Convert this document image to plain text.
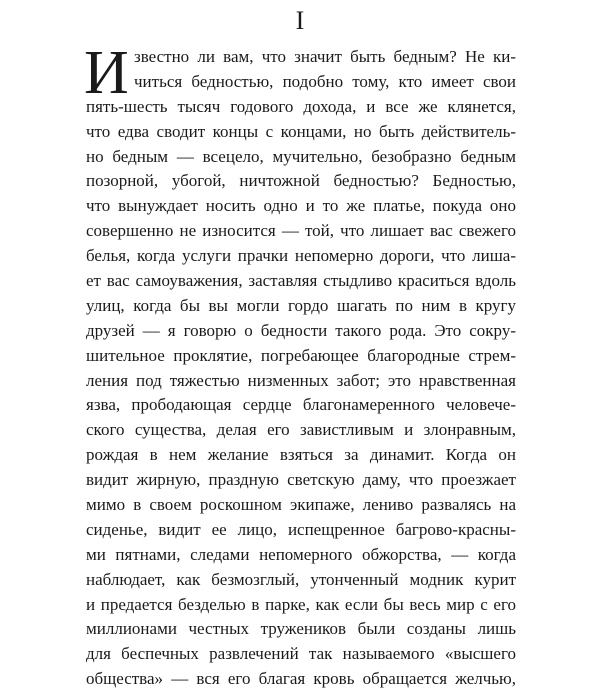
I
И звестно ли вам, что значит быть бедным? Не ки-
читься бедностью, подобно тому, кто имеет свои
пять-шесть тысяч годового дохода, и все же клянется,
что едва сводит концы с концами, но быть действитель-
но бедным — всецело, мучительно, безобразно бедным
позорной, убогой, ничтожной бедностью? Бедностью,
что вынуждает носить одно и то же платье, покуда оно
совершенно не износится — той, что лишает вас свежего
белья, когда услуги прачки непомерно дороги, что лиша-
ет вас самоуважения, заставляя стыдливо краситься вдоль
улиц, когда бы вы могли гордо шагать по ним в кругу
друзей — я говорю о бедности такого рода. Это сокру-
шительное проклятие, погребающее благородные стрем-
ления под тяжестью низменных забот; это нравственная
язва, прободающая сердце благонамеренного человече-
ского существа, делая его завистливым и злонравным,
рождая в нем желание взяться за динамит. Когда он
видит жирную, праздную светскую даму, что проезжает
мимо в своем роскошном экипаже, лениво развалясь на
сиденье, видит ее лицо, испещренное багрово-красны-
ми пятнами, следами непомерного обжорства, — когда
наблюдает, как безмозглый, утонченный модник курит
и предается безделью в парке, как если бы весь мир с его
миллионами честных тружеников были созданы лишь
для беспечных развлечений так называемого «высшего
общества» — вся его благая кровь обращается желчью,
